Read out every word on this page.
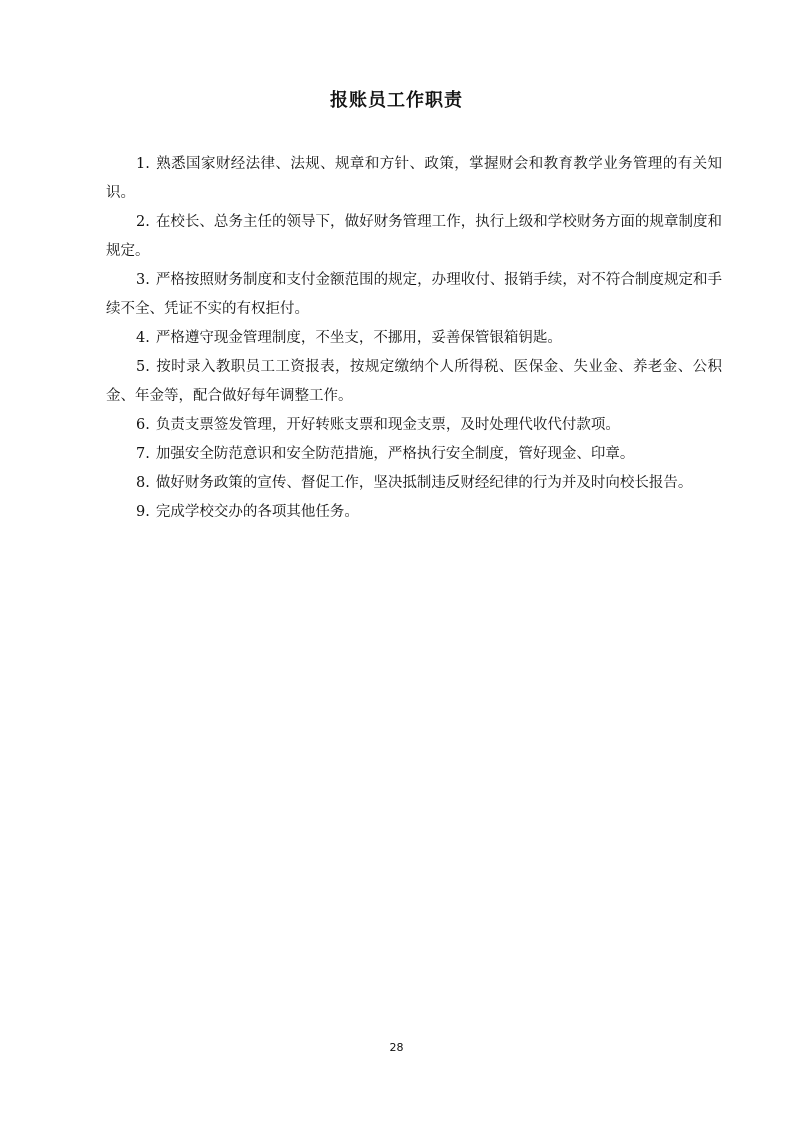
报账员工作职责
1. 熟悉国家财经法律、法规、规章和方针、政策，掌握财会和教育教学业务管理的有关知识。
2. 在校长、总务主任的领导下，做好财务管理工作，执行上级和学校财务方面的规章制度和规定。
3. 严格按照财务制度和支付金额范围的规定，办理收付、报销手续，对不符合制度规定和手续不全、凭证不实的有权拒付。
4. 严格遵守现金管理制度，不坐支，不挪用，妥善保管银箱钥匙。
5. 按时录入教职员工工资报表，按规定缴纳个人所得税、医保金、失业金、养老金、公积金、年金等，配合做好每年调整工作。
6. 负责支票签发管理，开好转账支票和现金支票，及时处理代收代付款项。
7. 加强安全防范意识和安全防范措施，严格执行安全制度，管好现金、印章。
8. 做好财务政策的宣传、督促工作，坚决抵制违反财经纪律的行为并及时向校长报告。
9. 完成学校交办的各项其他任务。

28
